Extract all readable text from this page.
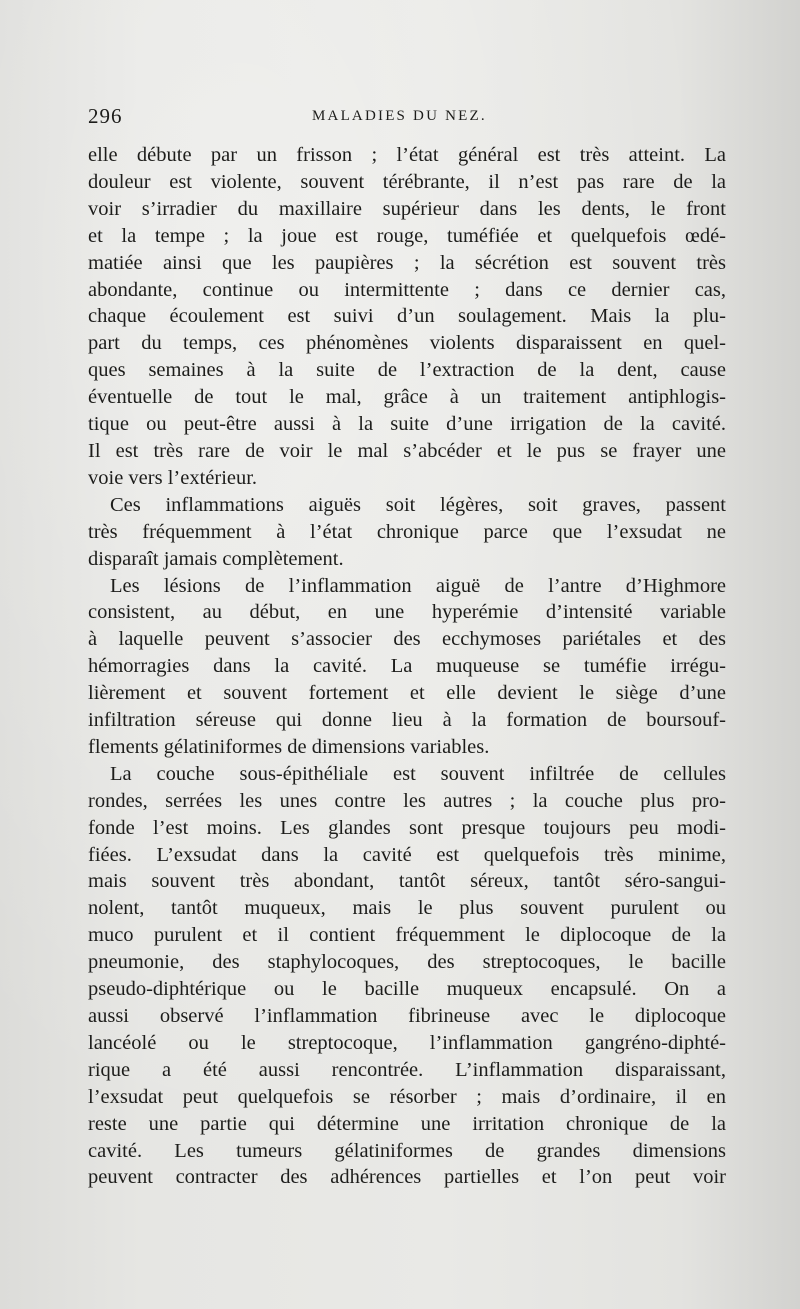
296	MALADIES DU NEZ.

elle débute par un frisson ; l’état général est très atteint. La
douleur est violente, souvent térébrante, il n’est pas rare de la
voir s’irradier du maxillaire supérieur dans les dents, le front
et la tempe ; la joue est rouge, tuméfiée et quelquefois œdé-
matiée ainsi que les paupières ; la sécrétion est souvent très
abondante, continue ou intermittente ; dans ce dernier cas,
chaque écoulement est suivi d’un soulagement. Mais la plu-
part du temps, ces phénomènes violents disparaissent en quel-
ques semaines à la suite de l’extraction de la dent, cause
éventuelle de tout le mal, grâce à un traitement antiphlogis-
tique ou peut-être aussi à la suite d’une irrigation de la cavité.
Il est très rare de voir le mal s’abcéder et le pus se frayer une
voie vers l’extérieur.

Ces inflammations aiguës soit légères, soit graves, passent
très fréquemment à l’état chronique parce que l’exsudat ne
disparaît jamais complètement.

Les lésions de l’inflammation aiguë de l’antre d’Highmore
consistent, au début, en une hyperémie d’intensité variable
à laquelle peuvent s’associer des ecchymoses pariétales et des
hémorragies dans la cavité. La muqueuse se tuméfie irrégu-
lièrement et souvent fortement et elle devient le siège d’une
infiltration séreuse qui donne lieu à la formation de boursouf-
flements gélatiniformes de dimensions variables.

La couche sous-épithéliale est souvent infiltrée de cellules
rondes, serrées les unes contre les autres ; la couche plus pro-
fonde l’est moins. Les glandes sont presque toujours peu modi-
fiées. L’exsudat dans la cavité est quelquefois très minime,
mais souvent très abondant, tantôt séreux, tantôt séro-sangui-
nolent, tantôt muqueux, mais le plus souvent purulent ou
muco purulent et il contient fréquemment le diplocoque de la
pneumonie, des staphylocoques, des streptocoques, le bacille
pseudo-diphtérique ou le bacille muqueux encapsulé. On a
aussi observé l’inflammation fibrineuse avec le diplocoque
lancéolé ou le streptocoque, l’inflammation gangréno-diphté-
rique a été aussi rencontrée. L’inflammation disparaissant,
l’exsudat peut quelquefois se résorber ; mais d’ordinaire, il en
reste une partie qui détermine une irritation chronique de la
cavité. Les tumeurs gélatiniformes de grandes dimensions
peuvent contracter des adhérences partielles et l’on peut voir
